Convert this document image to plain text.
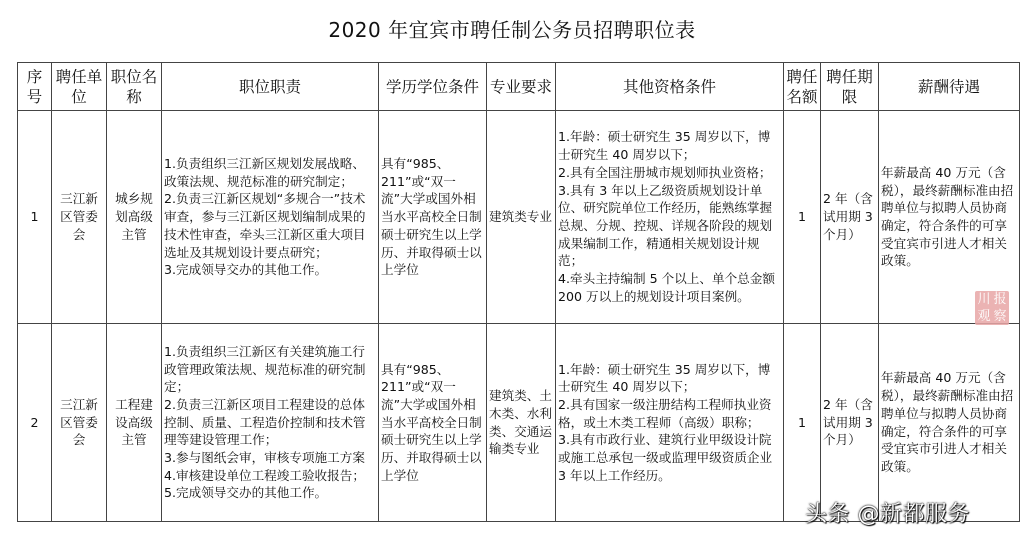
2020 年宜宾市聘任制公务员招聘职位表
序号	聘任单位	职位名称	职位职责	学历学位条件	专业要求	其他资格条件	聘任名额	聘任期限	薪酬待遇
1	三江新区管委会	城乡规划高级主管	1.负责组织三江新区规划发展战略、政策法规、规范标准的研究制定；
2.负责三江新区规划“多规合一”技术审查，参与三江新区规划编制成果的技术性审查，牵头三江新区重大项目选址及其规划设计要点研究；
3.完成领导交办的其他工作。	具有“985、211”或“双一流”大学或国外相当水平高校全日制硕士研究生以上学历、并取得硕士以上学位	建筑类专业	1.年龄：硕士研究生 35 周岁以下，博士研究生 40 周岁以下；
2.具有全国注册城市规划师执业资格；
3.具有 3 年以上乙级资质规划设计单位、研究院单位工作经历，能熟练掌握总规、分规、控规、详规各阶段的规划成果编制工作，精通相关规划设计规范；
4.牵头主持编制 5 个以上、单个总金额 200 万以上的规划设计项目案例。	1	2 年（含试用期 3 个月）	年薪最高 40 万元（含税），最终薪酬标准由招聘单位与拟聘人员协商确定，符合条件的可享受宜宾市引进人才相关政策。
2	三江新区管委会	工程建设高级主管	1.负责组织三江新区有关建筑施工行政管理政策法规、规范标准的研究制定；
2.负责三江新区项目工程建设的总体控制、质量、工程造价控制和技术管理等建设管理工作；
3.参与图纸会审，审核专项施工方案
4.审核建设单位工程竣工验收报告；
5.完成领导交办的其他工作。	具有“985、211”或“双一流”大学或国外相当水平高校全日制硕士研究生以上学历、并取得硕士以上学位	建筑类、土木类、水利类、交通运输类专业	1.年龄：硕士研究生 35 周岁以下，博士研究生 40 周岁以下；
2.具有国家一级注册结构工程师执业资格，或土木类工程师（高级）职称；
3.具有市政行业、建筑行业甲级设计院或施工总承包一级或监理甲级资质企业 3 年以上工作经历。	1	2 年（含试用期 3 个月）	年薪最高 40 万元（含税），最终薪酬标准由招聘单位与拟聘人员协商确定，符合条件的可享受宜宾市引进人才相关政策。
川 报
观 察
头条 @新都服务
